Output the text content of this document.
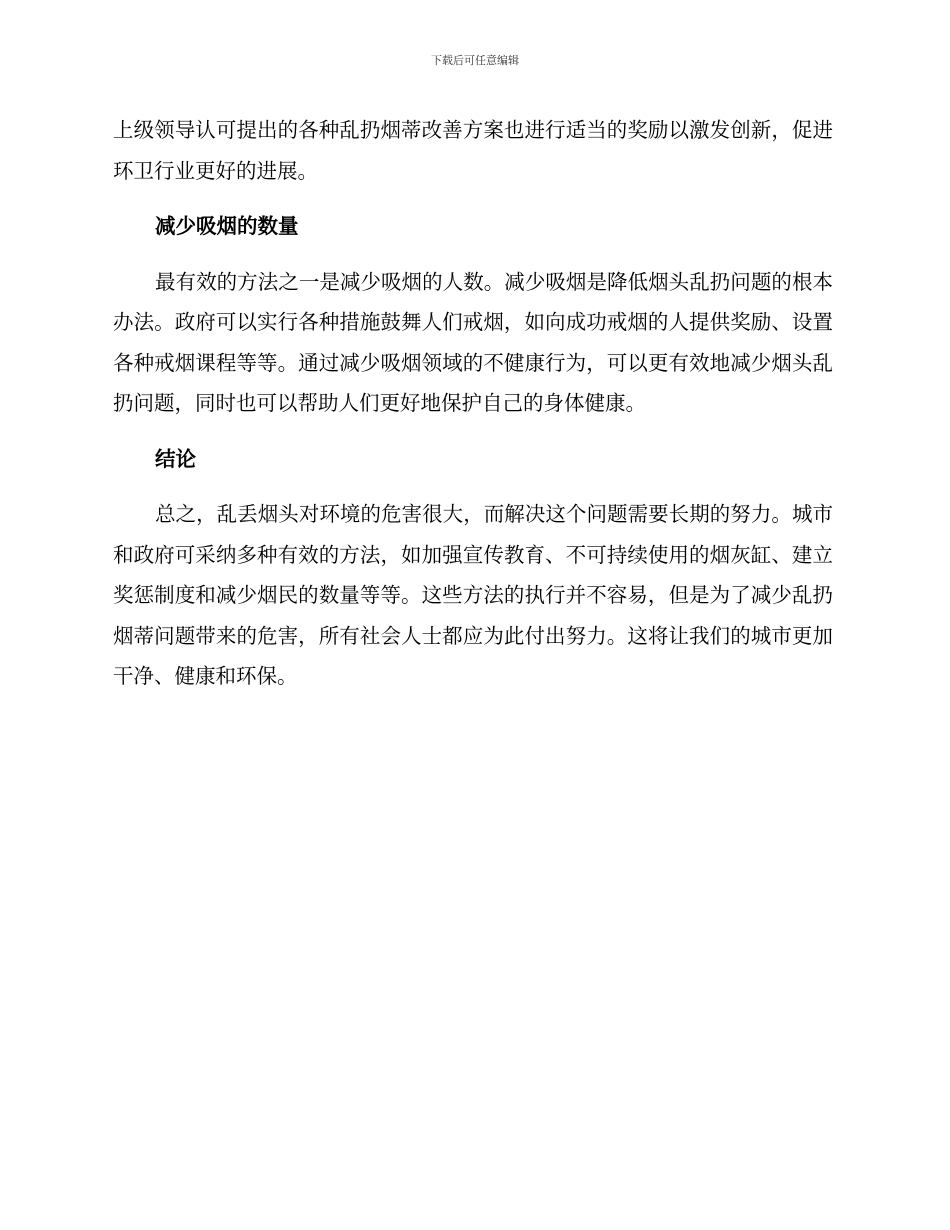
下载后可任意编辑

上级领导认可提出的各种乱扔烟蒂改善方案也进行适当的奖励以激发创新，促进环卫行业更好的进展。

减少吸烟的数量

最有效的方法之一是减少吸烟的人数。减少吸烟是降低烟头乱扔问题的根本办法。政府可以实行各种措施鼓舞人们戒烟，如向成功戒烟的人提供奖励、设置各种戒烟课程等等。通过减少吸烟领域的不健康行为，可以更有效地减少烟头乱扔问题，同时也可以帮助人们更好地保护自己的身体健康。

结论

总之，乱丢烟头对环境的危害很大，而解决这个问题需要长期的努力。城市和政府可采纳多种有效的方法，如加强宣传教育、不可持续使用的烟灰缸、建立奖惩制度和减少烟民的数量等等。这些方法的执行并不容易，但是为了减少乱扔烟蒂问题带来的危害，所有社会人士都应为此付出努力。这将让我们的城市更加干净、健康和环保。
